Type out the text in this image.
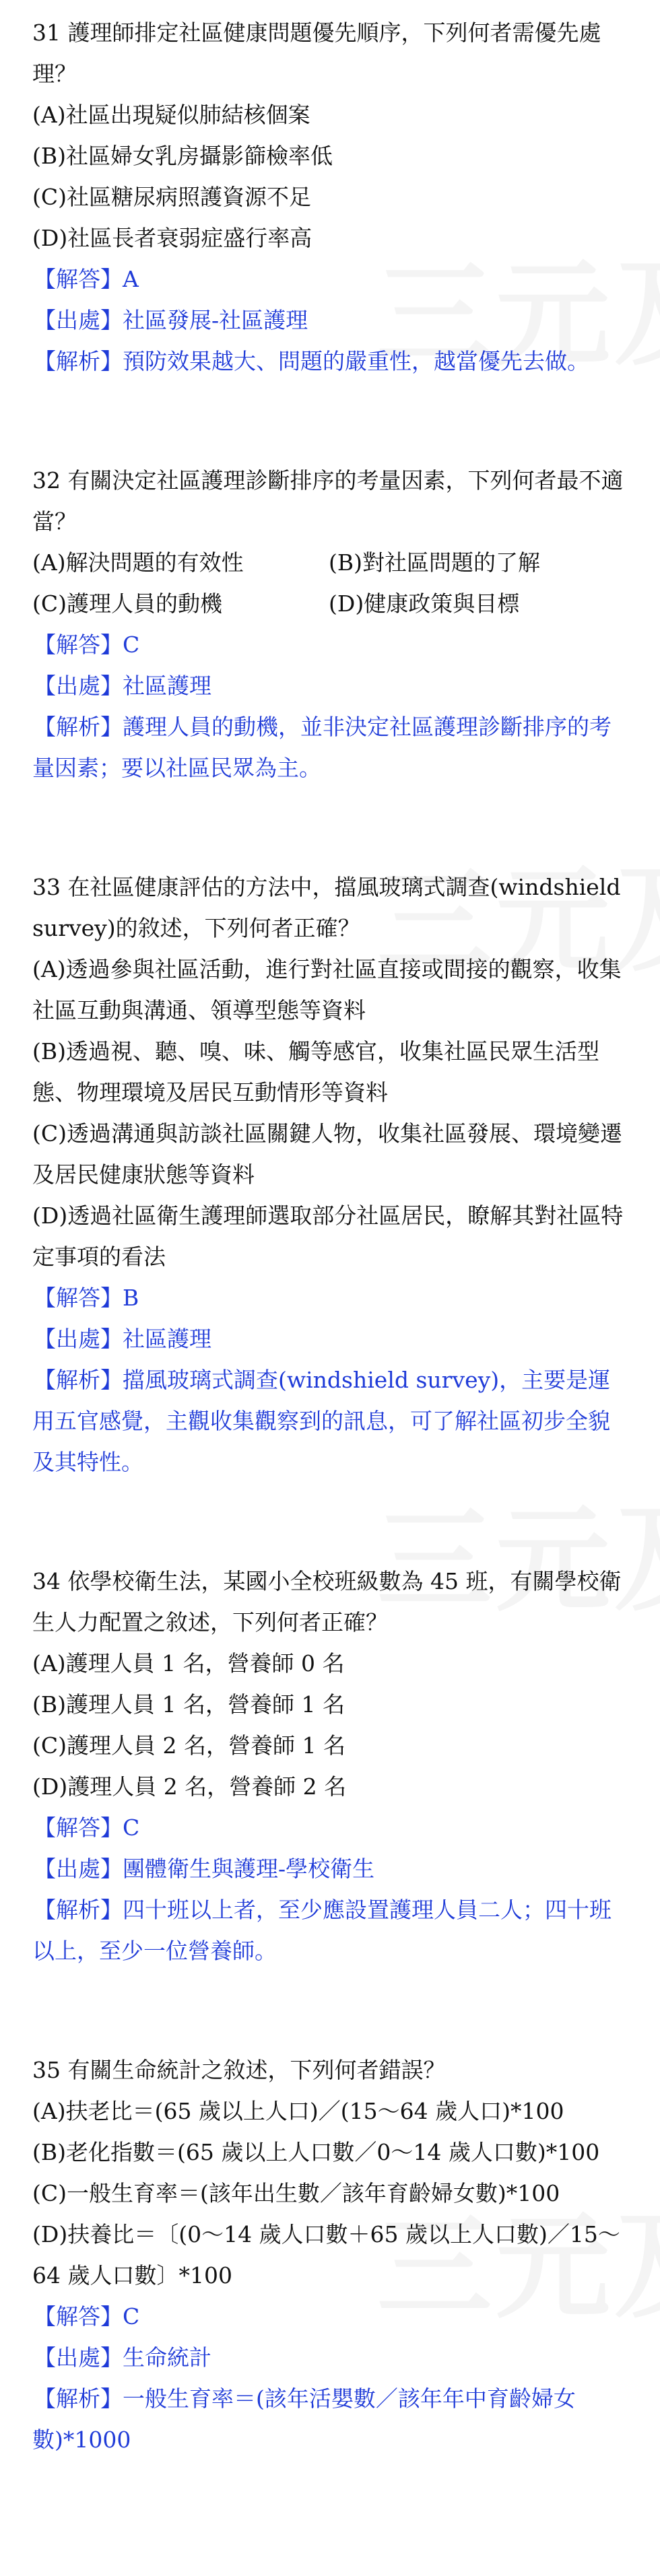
31 護理師排定社區健康問題優先順序，下列何者需優先處理？

(A)社區出現疑似肺結核個案

(B)社區婦女乳房攝影篩檢率低

(C)社區糖尿病照護資源不足

(D)社區長者衰弱症盛行率高

【解答】A

【出處】社區發展-社區護理

【解析】預防效果越大、問題的嚴重性，越當優先去做。

32 有關決定社區護理診斷排序的考量因素，下列何者最不適當？

(A)解決問題的有效性	(B)對社區問題的了解

(C)護理人員的動機	(D)健康政策與目標

【解答】C

【出處】社區護理

【解析】護理人員的動機，並非決定社區護理診斷排序的考量因素；要以社區民眾為主。

33 在社區健康評估的方法中，擋風玻璃式調查(windshield survey)的敘述，下列何者正確？

(A)透過參與社區活動，進行對社區直接或間接的觀察，收集社區互動與溝通、領導型態等資料

(B)透過視、聽、嗅、味、觸等感官，收集社區民眾生活型態、物理環境及居民互動情形等資料

(C)透過溝通與訪談社區關鍵人物，收集社區發展、環境變遷及居民健康狀態等資料

(D)透過社區衛生護理師選取部分社區居民，瞭解其對社區特定事項的看法

【解答】B

【出處】社區護理

【解析】擋風玻璃式調查(windshield survey)，主要是運用五官感覺，主觀收集觀察到的訊息，可了解社區初步全貌及其特性。

34 依學校衛生法，某國小全校班級數為 45 班，有關學校衛生人力配置之敘述，下列何者正確？

(A)護理人員 1 名，營養師 0 名

(B)護理人員 1 名，營養師 1 名

(C)護理人員 2 名，營養師 1 名

(D)護理人員 2 名，營養師 2 名

【解答】C

【出處】團體衛生與護理-學校衛生

【解析】四十班以上者，至少應設置護理人員二人；四十班以上，至少一位營養師。

35 有關生命統計之敘述，下列何者錯誤？

(A)扶老比＝(65 歲以上人口)／(15～64 歲人口)*100

(B)老化指數＝(65 歲以上人口數／0～14 歲人口數)*100

(C)一般生育率＝(該年出生數／該年育齡婦女數)*100

(D)扶養比＝〔(0～14 歲人口數＋65 歲以上人口數)／15～64 歲人口數〕*100

【解答】C

【出處】生命統計

【解析】一般生育率＝(該年活嬰數／該年年中育齡婦女數)*1000
